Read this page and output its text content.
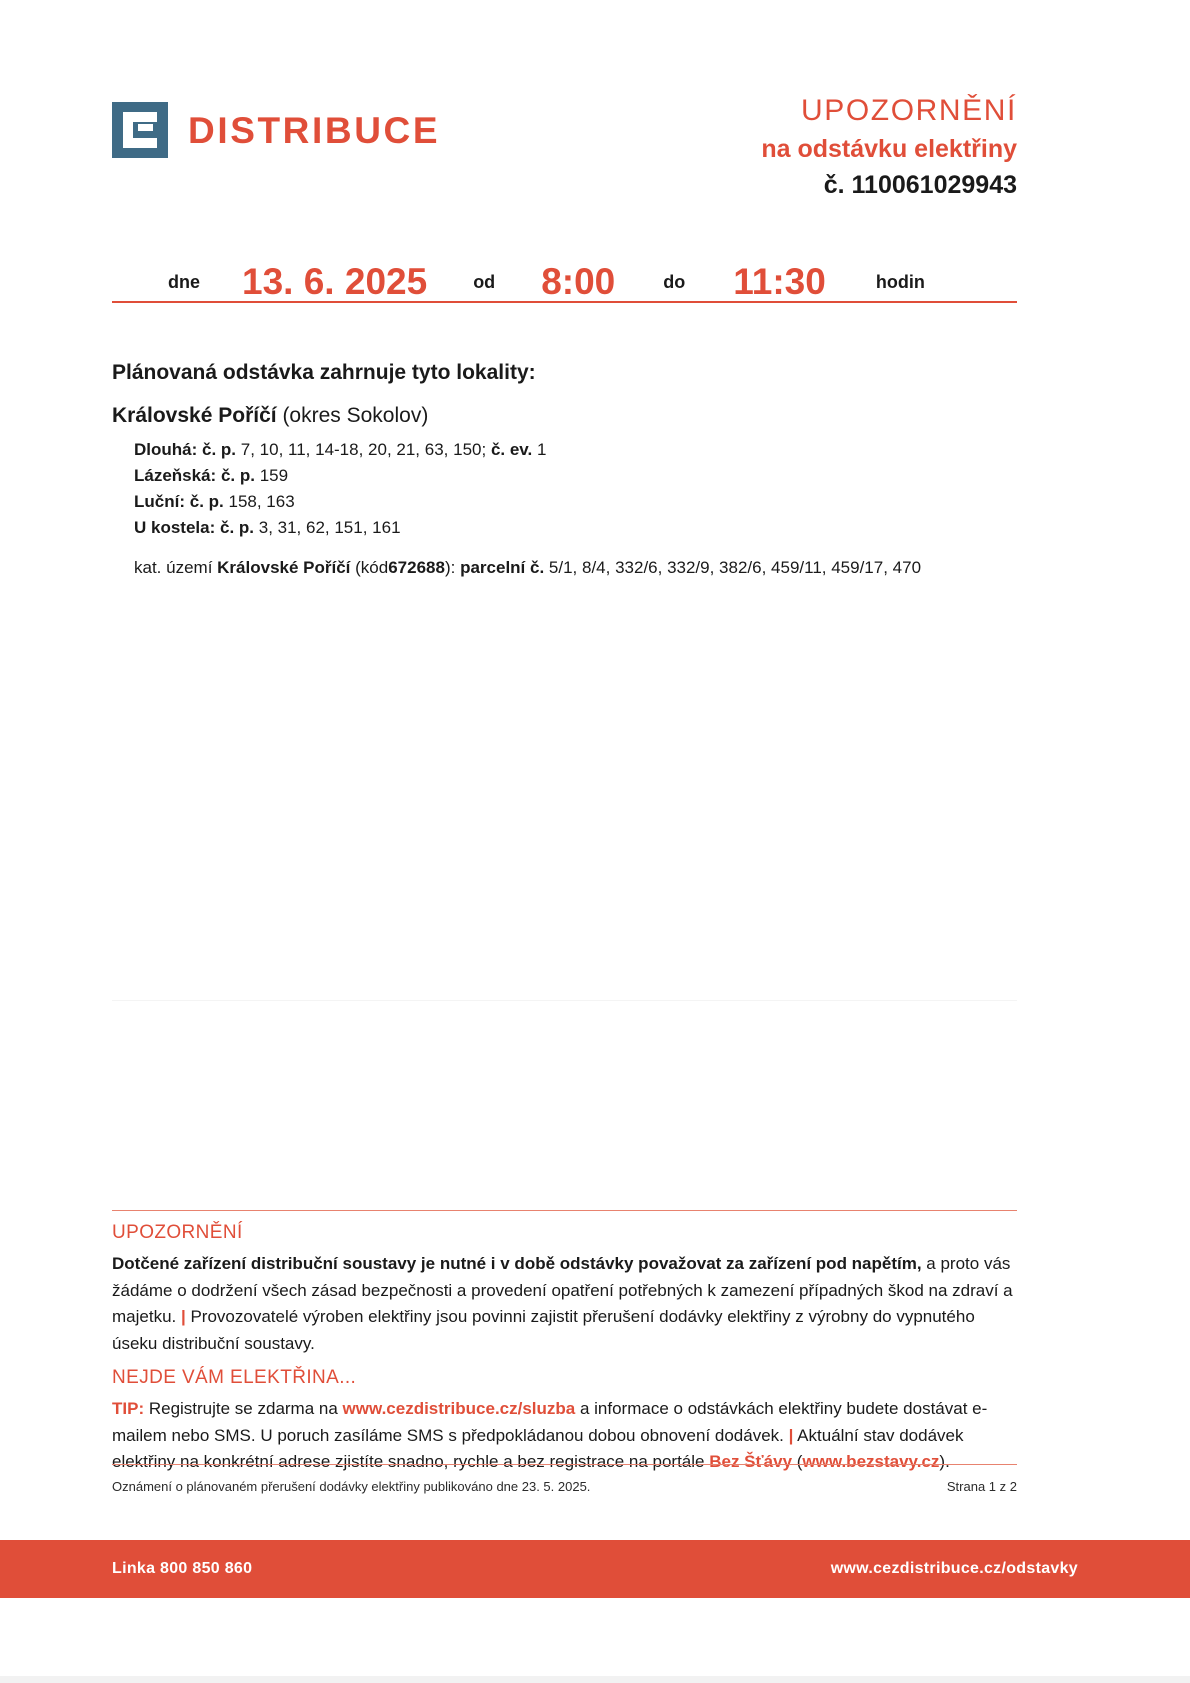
DISTRIBUCE	UPOZORNĚNÍ
na odstávku elektřiny
č. 110061029943
dne 13. 6. 2025	od 8:00	do 11:30	hodin
Plánovaná odstávka zahrnuje tyto lokality:
Královské Poříčí (okres Sokolov)
Dlouhá: č. p. 7, 10, 11, 14-18, 20, 21, 63, 150; č. ev. 1
Lázeňská: č. p. 159
Luční: č. p. 158, 163
U kostela: č. p. 3, 31, 62, 151, 161
kat. území Královské Poříčí (kód672688): parcelní č. 5/1, 8/4, 332/6, 332/9, 382/6, 459/11, 459/17, 470
UPOZORNĚNÍ
Dotčené zařízení distribuční soustavy je nutné i v době odstávky považovat za zařízení pod napětím, a proto vás žádáme o dodržení všech zásad bezpečnosti a provedení opatření potřebných k zamezení případných škod na zdraví a majetku. | Provozovatelé výroben elektřiny jsou povinni zajistit přerušení dodávky elektřiny z výrobny do vypnutého úseku distribuční soustavy.
NEJDE VÁM ELEKTŘINA...
TIP: Registrujte se zdarma na www.cezdistribuce.cz/sluzba a informace o odstávkách elektřiny budete dostávat e-mailem nebo SMS. U poruch zasíláme SMS s předpokládanou dobou obnovení dodávek. | Aktuální stav dodávek elektřiny na konkrétní adrese zjistíte snadno, rychle a bez registrace na portále Bez Šťávy (www.bezstavy.cz).
Oznámení o plánovaném přerušení dodávky elektřiny publikováno dne 23. 5. 2025.	Strana 1 z 2
Linka 800 850 860	www.cezdistribuce.cz/odstavky
